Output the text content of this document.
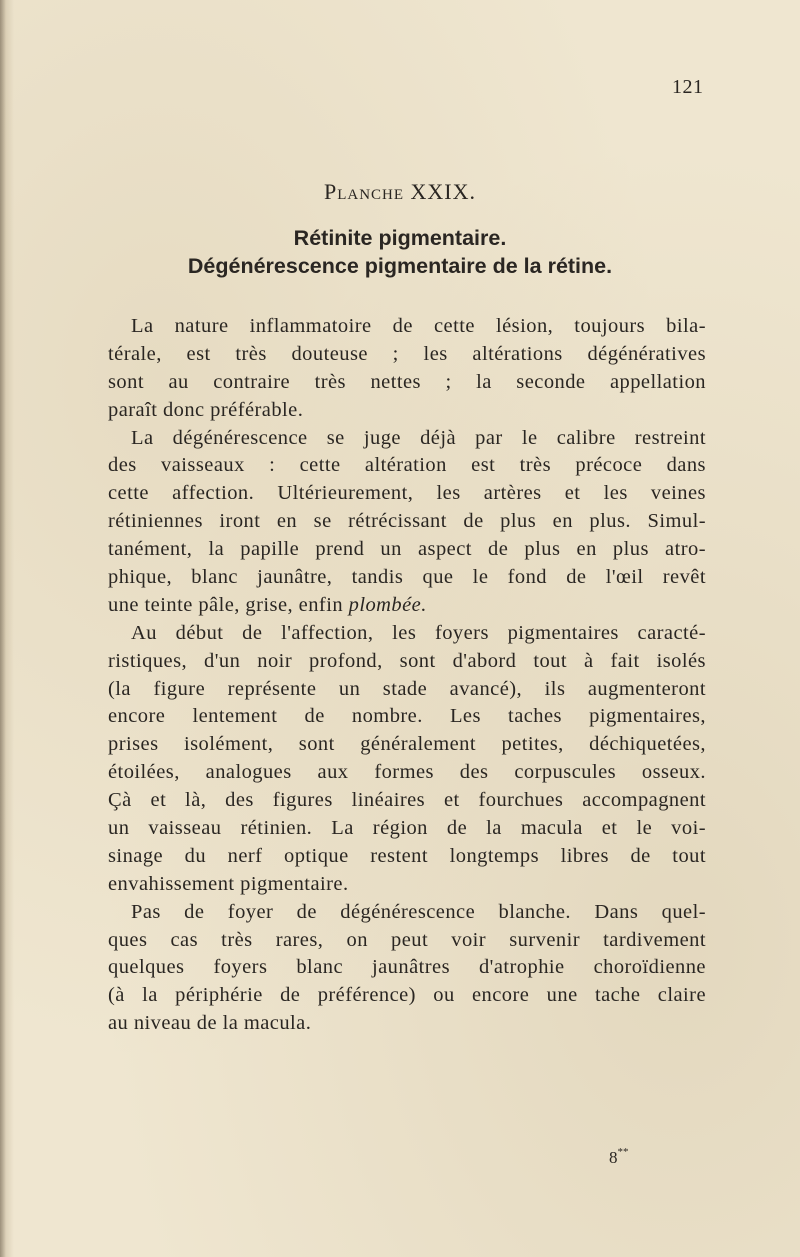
121
Planche XXIX.
Rétinite pigmentaire.
Dégénérescence pigmentaire de la rétine.
La nature inflammatoire de cette lésion, toujours bila-
térale, est très douteuse ; les altérations dégénératives
sont au contraire très nettes ; la seconde appellation
paraît donc préférable.
La dégénérescence se juge déjà par le calibre restreint
des vaisseaux : cette altération est très précoce dans
cette affection. Ultérieurement, les artères et les veines
rétiniennes iront en se rétrécissant de plus en plus. Simul-
tanément, la papille prend un aspect de plus en plus atro-
phique, blanc jaunâtre, tandis que le fond de l'œil revêt
une teinte pâle, grise, enfin plombée.
Au début de l'affection, les foyers pigmentaires caracté-
ristiques, d'un noir profond, sont d'abord tout à fait isolés
(la figure représente un stade avancé), ils augmenteront
encore lentement de nombre. Les taches pigmentaires,
prises isolément, sont généralement petites, déchiquetées,
étoilées, analogues aux formes des corpuscules osseux.
Çà et là, des figures linéaires et fourchues accompagnent
un vaisseau rétinien. La région de la macula et le voi-
sinage du nerf optique restent longtemps libres de tout
envahissement pigmentaire.
Pas de foyer de dégénérescence blanche. Dans quel-
ques cas très rares, on peut voir survenir tardivement
quelques foyers blanc jaunâtres d'atrophie choroïdienne
(à la périphérie de préférence) ou encore une tache claire
au niveau de la macula.
8**
